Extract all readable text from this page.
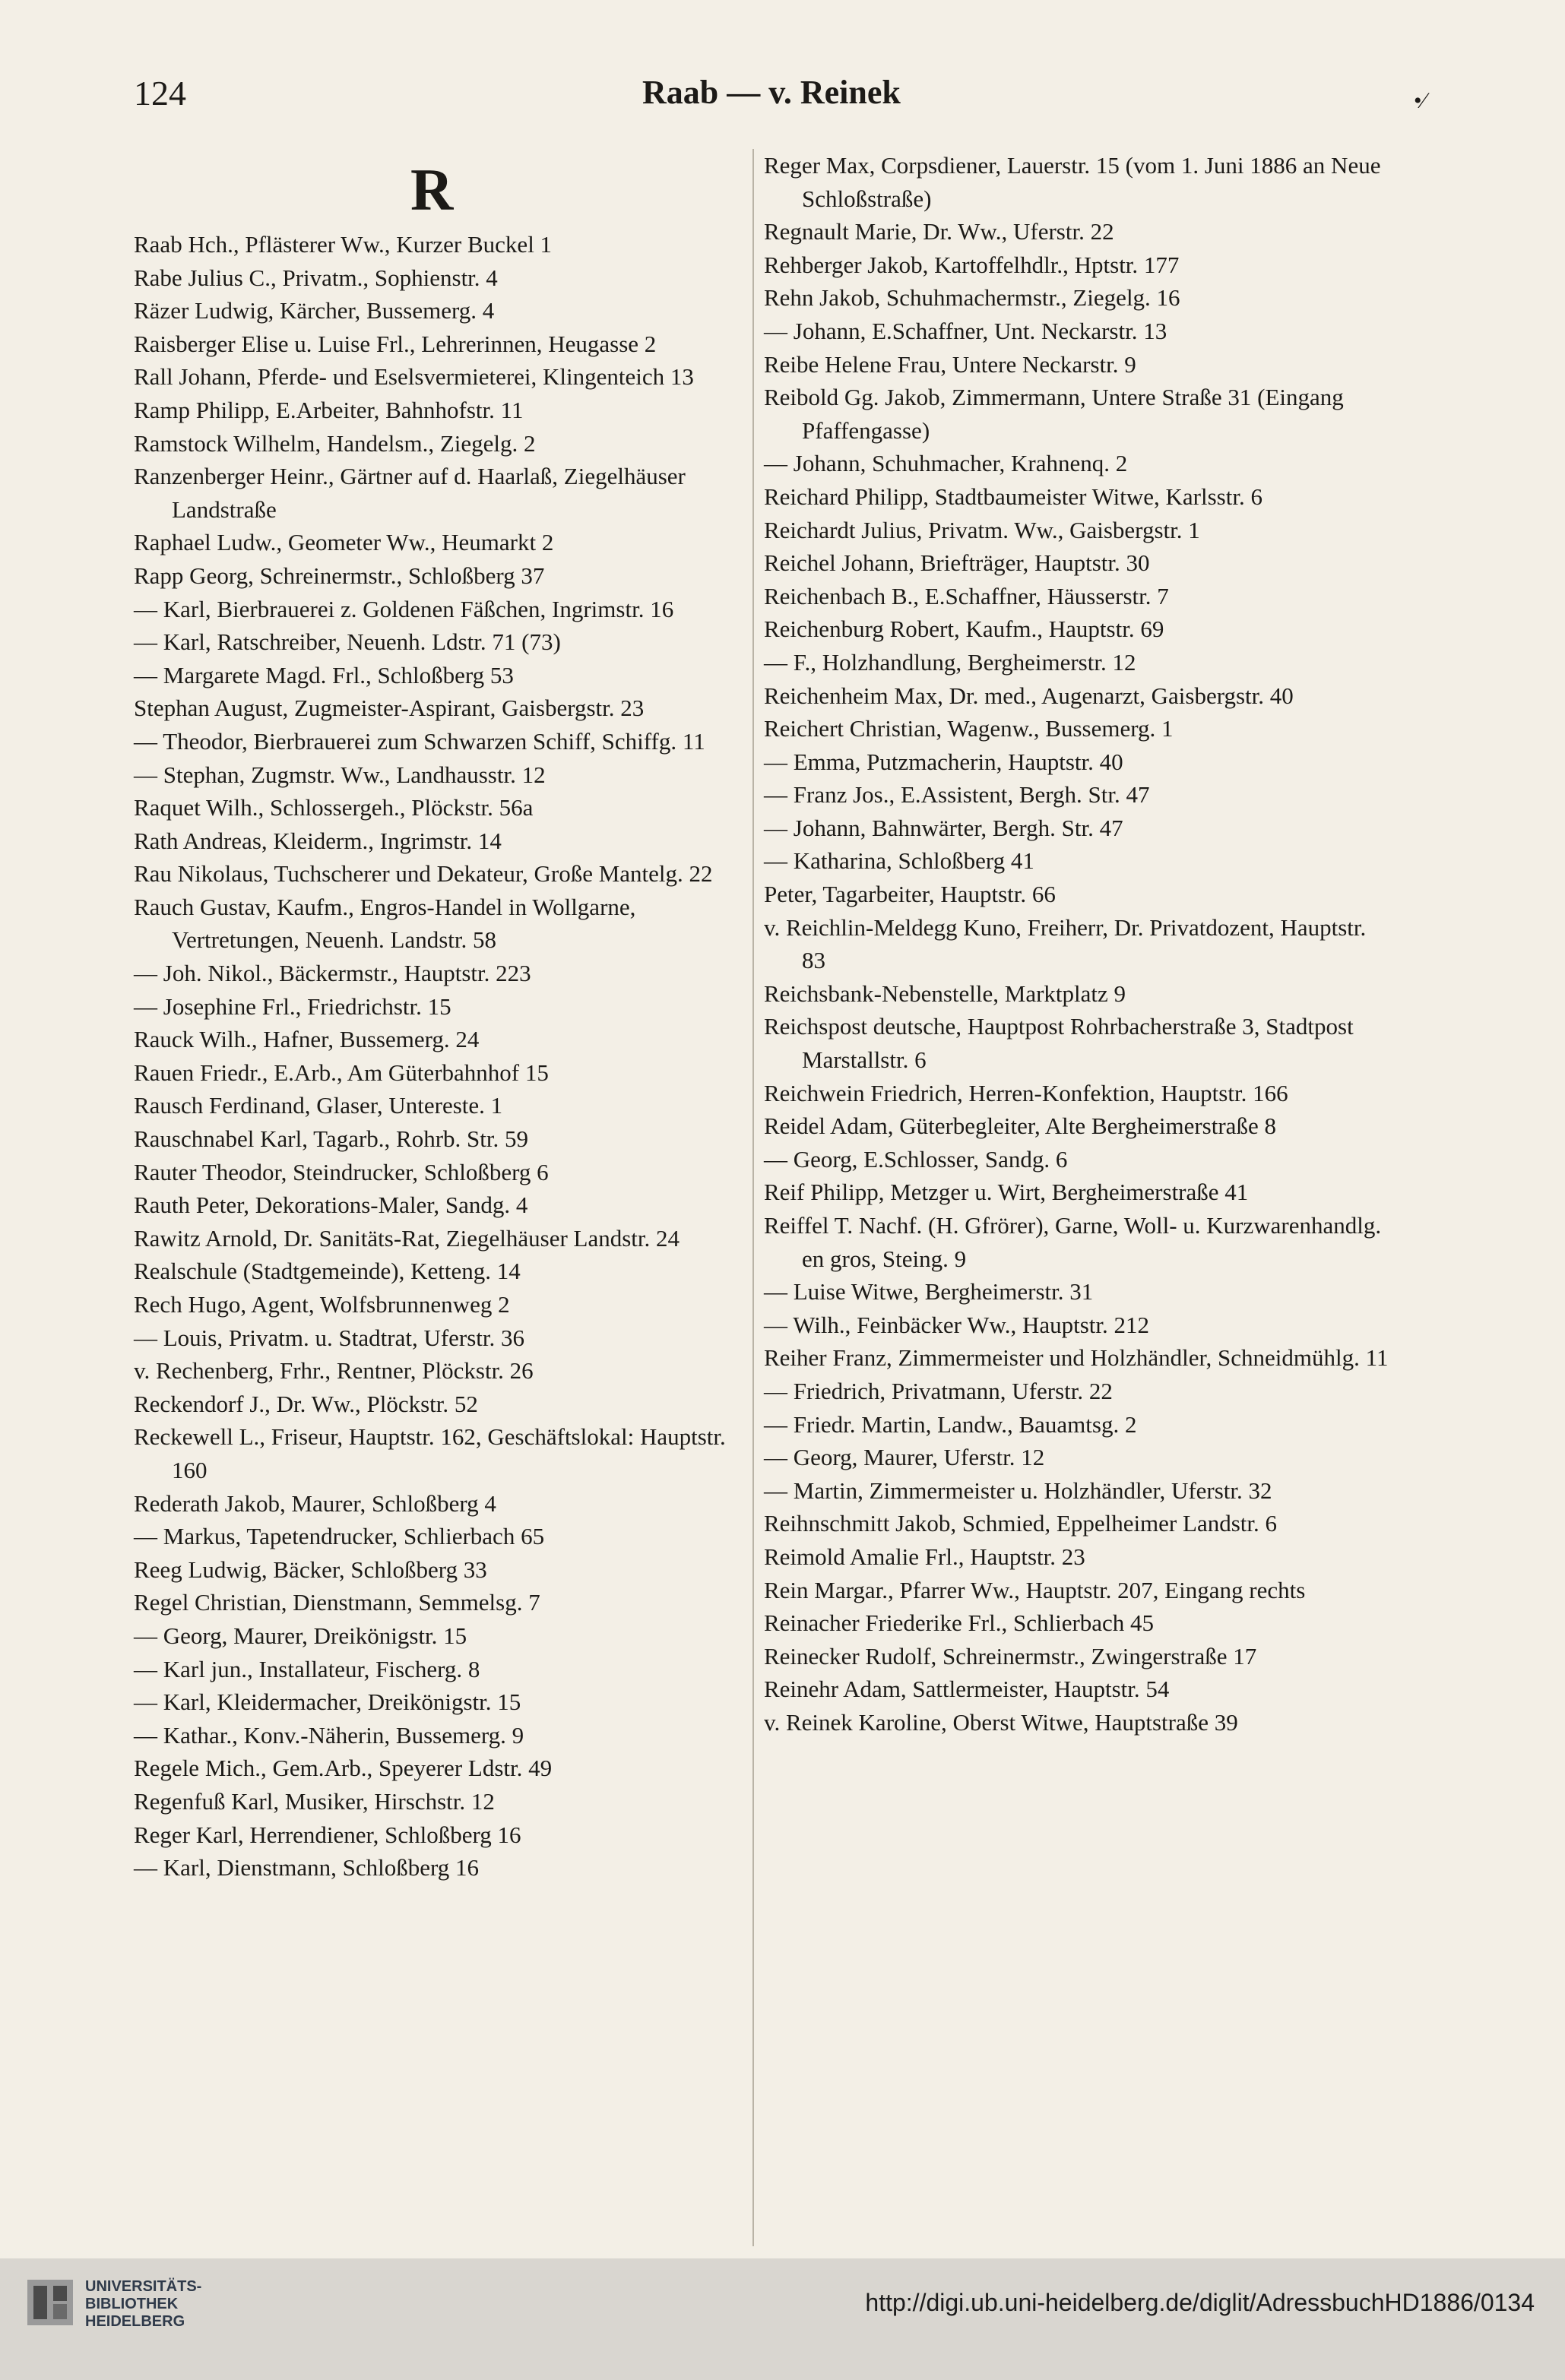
124	Raab — v. Reinek	•∕
R
Raab Hch., Pflästerer Ww., Kurzer Buckel 1
Rabe Julius C., Privatm., Sophienstr. 4
Räzer Ludwig, Kärcher, Bussemerg. 4
Raisberger Elise u. Luise Frl., Lehrerinnen, Heugasse 2
Rall Johann, Pferde- und Eselsvermieterei, Klingenteich 13
Ramp Philipp, E.Arbeiter, Bahnhofstr. 11
Ramstock Wilhelm, Handelsm., Ziegelg. 2
Ranzenberger Heinr., Gärtner auf d. Haarlaß, Ziegelhäuser Landstraße
Raphael Ludw., Geometer Ww., Heumarkt 2
Rapp Georg, Schreinermstr., Schloßberg 37
— Karl, Bierbrauerei z. Goldenen Fäßchen, Ingrimstr. 16
— Karl, Ratschreiber, Neuenh. Ldstr. 71 (73)
— Margarete Magd. Frl., Schloßberg 53
Stephan August, Zugmeister-Aspirant, Gaisbergstr. 23
— Theodor, Bierbrauerei zum Schwarzen Schiff, Schiffg. 11
— Stephan, Zugmstr. Ww., Landhausstr. 12
Raquet Wilh., Schlossergeh., Plöckstr. 56a
Rath Andreas, Kleiderm., Ingrimstr. 14
Rau Nikolaus, Tuchscherer und Dekateur, Große Mantelg. 22
Rauch Gustav, Kaufm., Engros-Handel in Wollgarne, Vertretungen, Neuenh. Landstr. 58
— Joh. Nikol., Bäckermstr., Hauptstr. 223
— Josephine Frl., Friedrichstr. 15
Rauck Wilh., Hafner, Bussemerg. 24
Rauen Friedr., E.Arb., Am Güterbahnhof 15
Rausch Ferdinand, Glaser, Untereste. 1
Rauschnabel Karl, Tagarb., Rohrb. Str. 59
Rauter Theodor, Steindrucker, Schloßberg 6
Rauth Peter, Dekorations-Maler, Sandg. 4
Rawitz Arnold, Dr. Sanitäts-Rat, Ziegelhäuser Landstr. 24
Realschule (Stadtgemeinde), Ketteng. 14
Rech Hugo, Agent, Wolfsbrunnenweg 2
— Louis, Privatm. u. Stadtrat, Uferstr. 36
v. Rechenberg, Frhr., Rentner, Plöckstr. 26
Reckendorf J., Dr. Ww., Plöckstr. 52
Reckewell L., Friseur, Hauptstr. 162, Geschäftslokal: Hauptstr. 160
Rederath Jakob, Maurer, Schloßberg 4
— Markus, Tapetendrucker, Schlierbach 65
Reeg Ludwig, Bäcker, Schloßberg 33
Regel Christian, Dienstmann, Semmelsg. 7
— Georg, Maurer, Dreikönigstr. 15
— Karl jun., Installateur, Fischerg. 8
— Karl, Kleidermacher, Dreikönigstr. 15
— Kathar., Konv.-Näherin, Bussemerg. 9
Regele Mich., Gem.Arb., Speyerer Ldstr. 49
Regenfuß Karl, Musiker, Hirschstr. 12
Reger Karl, Herrendiener, Schloßberg 16
— Karl, Dienstmann, Schloßberg 16
Reger Max, Corpsdiener, Lauerstr. 15 (vom 1. Juni 1886 an Neue Schloßstraße)
Regnault Marie, Dr. Ww., Uferstr. 22
Rehberger Jakob, Kartoffelhdlr., Hptstr. 177
Rehn Jakob, Schuhmachermstr., Ziegelg. 16
— Johann, E.Schaffner, Unt. Neckarstr. 13
Reibe Helene Frau, Untere Neckarstr. 9
Reibold Gg. Jakob, Zimmermann, Untere Straße 31 (Eingang Pfaffengasse)
— Johann, Schuhmacher, Krahnenq. 2
Reichard Philipp, Stadtbaumeister Witwe, Karlsstr. 6
Reichardt Julius, Privatm. Ww., Gaisbergstr. 1
Reichel Johann, Briefträger, Hauptstr. 30
Reichenbach B., E.Schaffner, Häusserstr. 7
Reichenburg Robert, Kaufm., Hauptstr. 69
— F., Holzhandlung, Bergheimerstr. 12
Reichenheim Max, Dr. med., Augenarzt, Gaisbergstr. 40
Reichert Christian, Wagenw., Bussemerg. 1
— Emma, Putzmacherin, Hauptstr. 40
— Franz Jos., E.Assistent, Bergh. Str. 47
— Johann, Bahnwärter, Bergh. Str. 47
— Katharina, Schloßberg 41
Peter, Tagarbeiter, Hauptstr. 66
v. Reichlin-Meldegg Kuno, Freiherr, Dr. Privatdozent, Hauptstr. 83
Reichsbank-Nebenstelle, Marktplatz 9
Reichspost deutsche, Hauptpost Rohrbacherstraße 3, Stadtpost Marstallstr. 6
Reichwein Friedrich, Herren-Konfektion, Hauptstr. 166
Reidel Adam, Güterbegleiter, Alte Bergheimerstraße 8
— Georg, E.Schlosser, Sandg. 6
Reif Philipp, Metzger u. Wirt, Bergheimerstraße 41
Reiffel T. Nachf. (H. Gfrörer), Garne, Woll- u. Kurzwarenhandlg. en gros, Steing. 9
— Luise Witwe, Bergheimerstr. 31
— Wilh., Feinbäcker Ww., Hauptstr. 212
Reiher Franz, Zimmermeister und Holzhändler, Schneidmühlg. 11
— Friedrich, Privatmann, Uferstr. 22
— Friedr. Martin, Landw., Bauamtsg. 2
— Georg, Maurer, Uferstr. 12
— Martin, Zimmermeister u. Holzhändler, Uferstr. 32
Reihnschmitt Jakob, Schmied, Eppelheimer Landstr. 6
Reimold Amalie Frl., Hauptstr. 23
Rein Margar., Pfarrer Ww., Hauptstr. 207, Eingang rechts
Reinacher Friederike Frl., Schlierbach 45
Reinecker Rudolf, Schreinermstr., Zwingerstraße 17
Reinehr Adam, Sattlermeister, Hauptstr. 54
v. Reinek Karoline, Oberst Witwe, Hauptstraße 39
UNIVERSITÄTS-
BIBLIOTHEK
HEIDELBERG
http://digi.ub.uni-heidelberg.de/diglit/AdressbuchHD1886/0134
